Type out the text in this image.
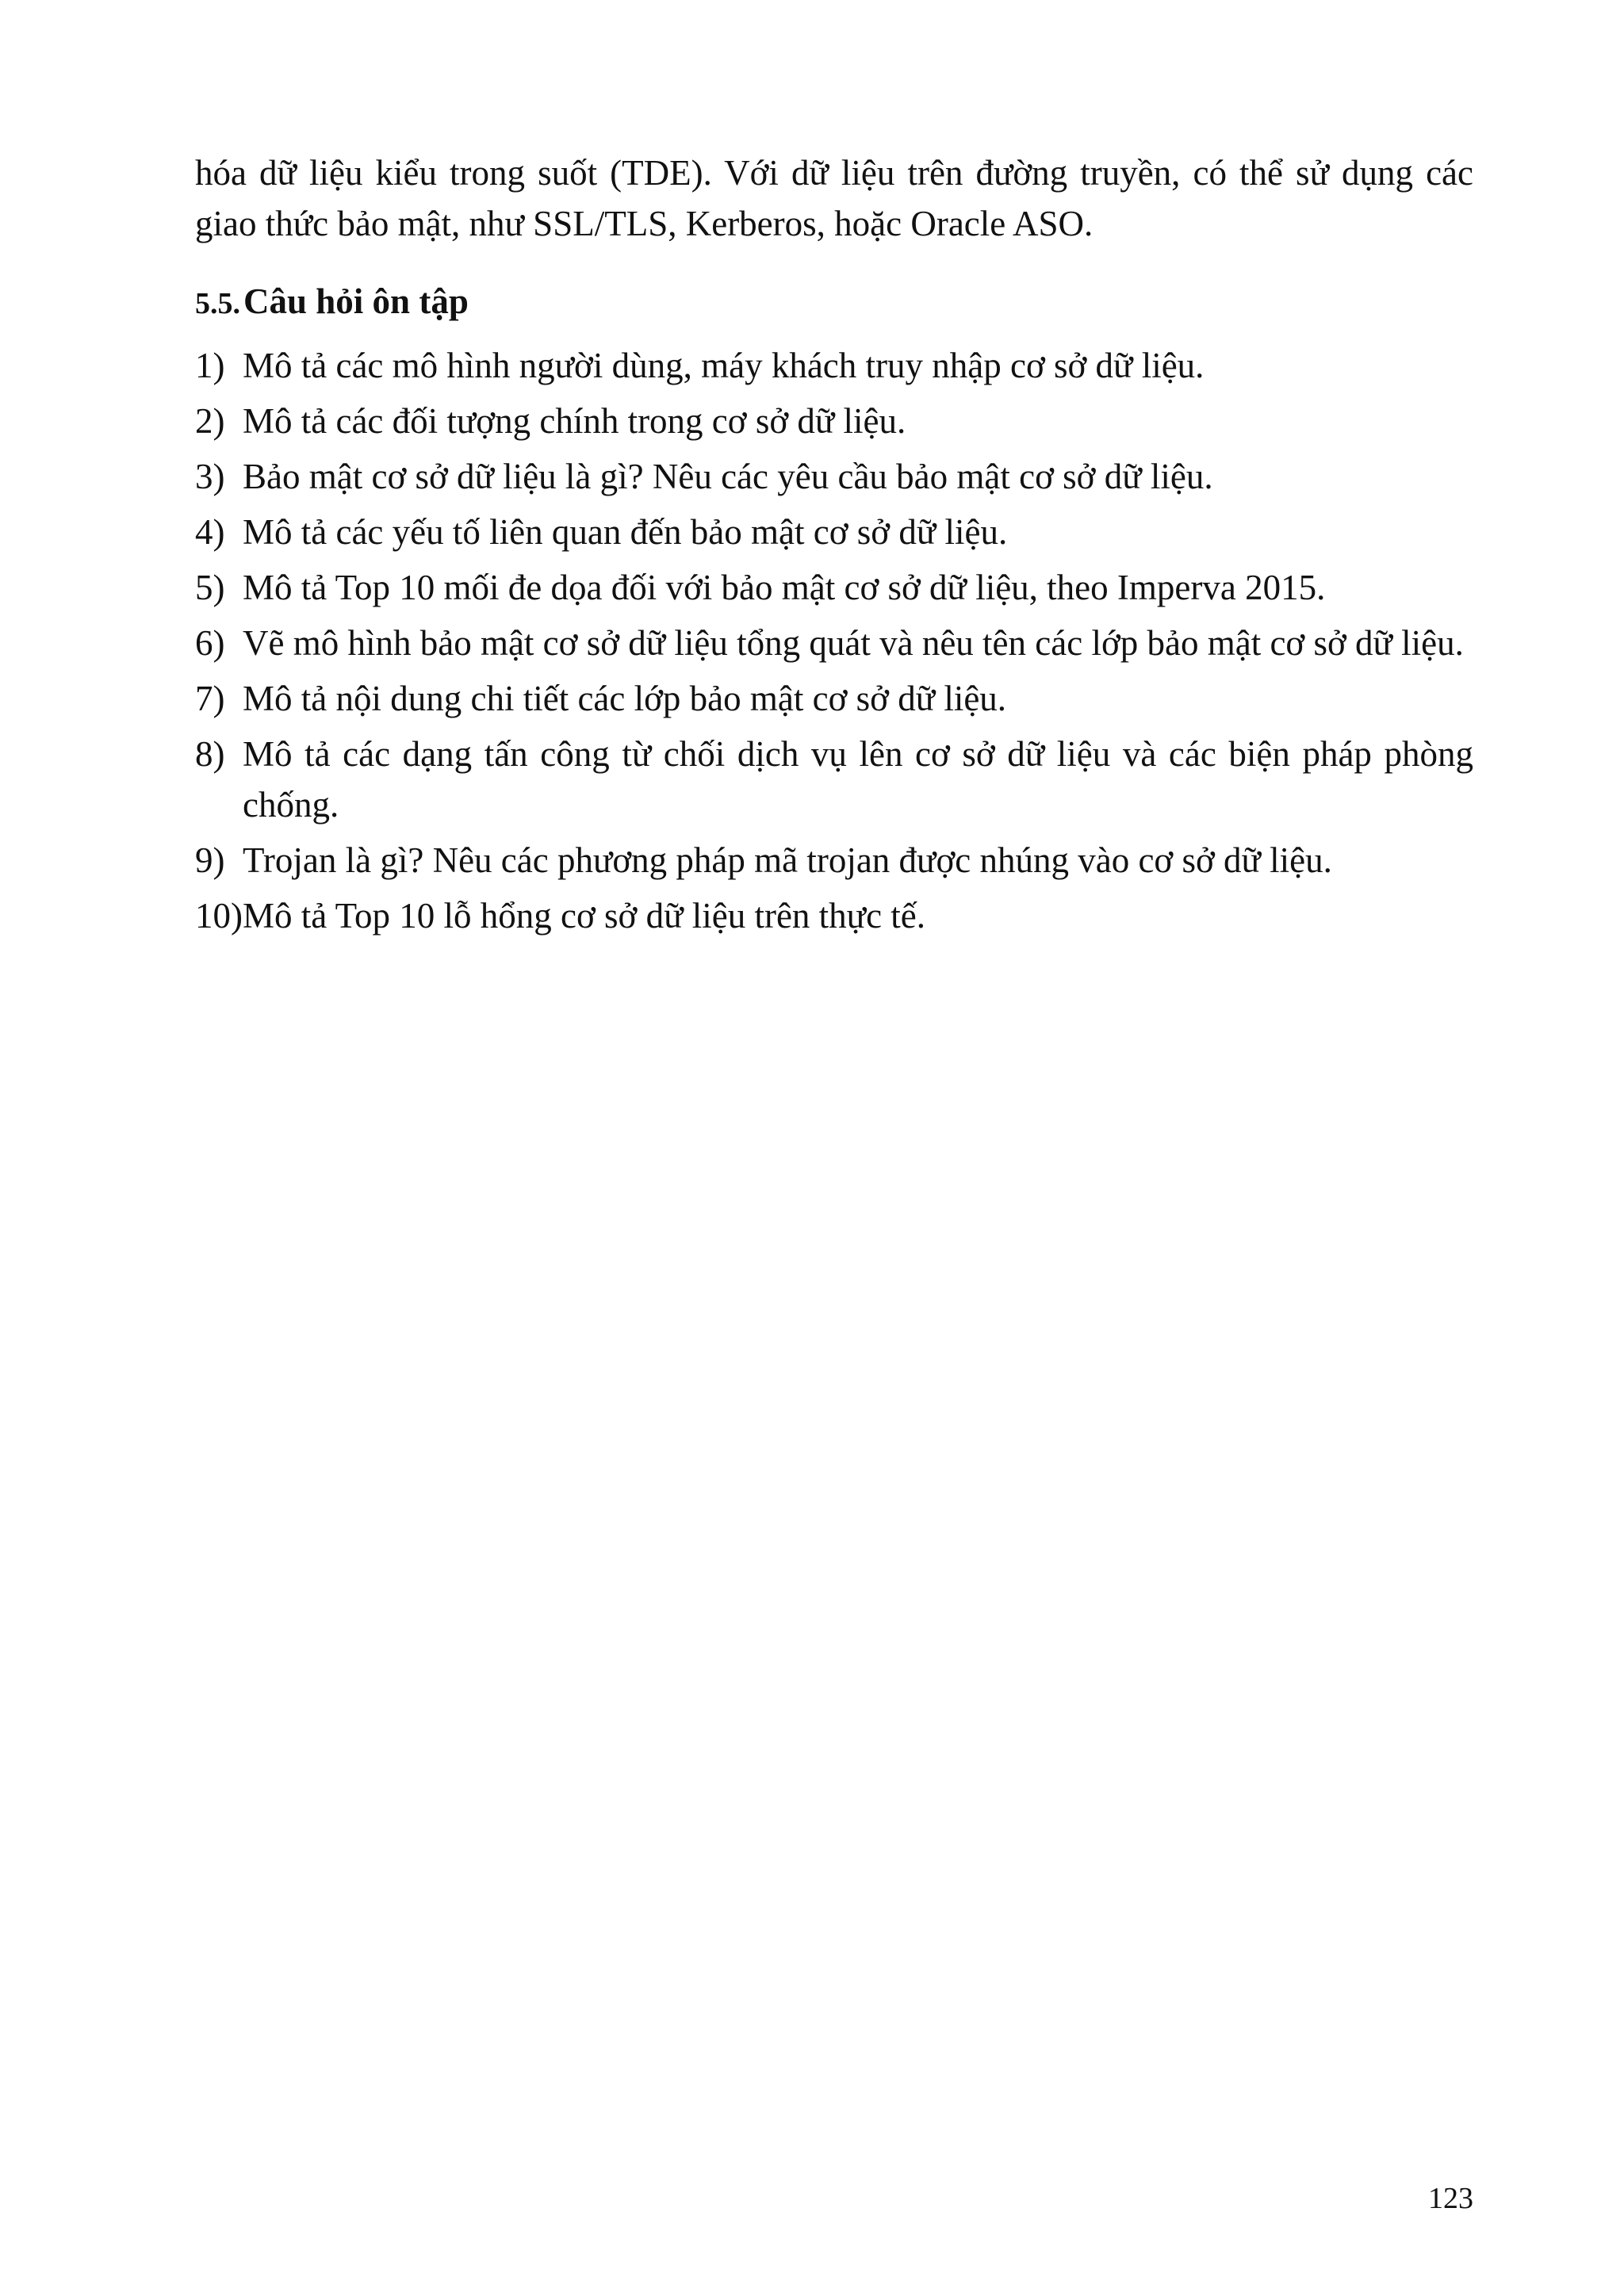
hóa dữ liệu kiểu trong suốt (TDE). Với dữ liệu trên đường truyền, có thể sử dụng các giao thức bảo mật, như SSL/TLS, Kerberos, hoặc Oracle ASO.

5.5. Câu hỏi ôn tập
1) Mô tả các mô hình người dùng, máy khách truy nhập cơ sở dữ liệu.
2) Mô tả các đối tượng chính trong cơ sở dữ liệu.
3) Bảo mật cơ sở dữ liệu là gì? Nêu các yêu cầu bảo mật cơ sở dữ liệu.
4) Mô tả các yếu tố liên quan đến bảo mật cơ sở dữ liệu.
5) Mô tả Top 10 mối đe dọa đối với bảo mật cơ sở dữ liệu, theo Imperva 2015.
6) Vẽ mô hình bảo mật cơ sở dữ liệu tổng quát và nêu tên các lớp bảo mật cơ sở dữ liệu.
7) Mô tả nội dung chi tiết các lớp bảo mật cơ sở dữ liệu.
8) Mô tả các dạng tấn công từ chối dịch vụ lên cơ sở dữ liệu và các biện pháp phòng chống.
9) Trojan là gì? Nêu các phương pháp mã trojan được nhúng vào cơ sở dữ liệu.
10) Mô tả Top 10 lỗ hổng cơ sở dữ liệu trên thực tế.
123
